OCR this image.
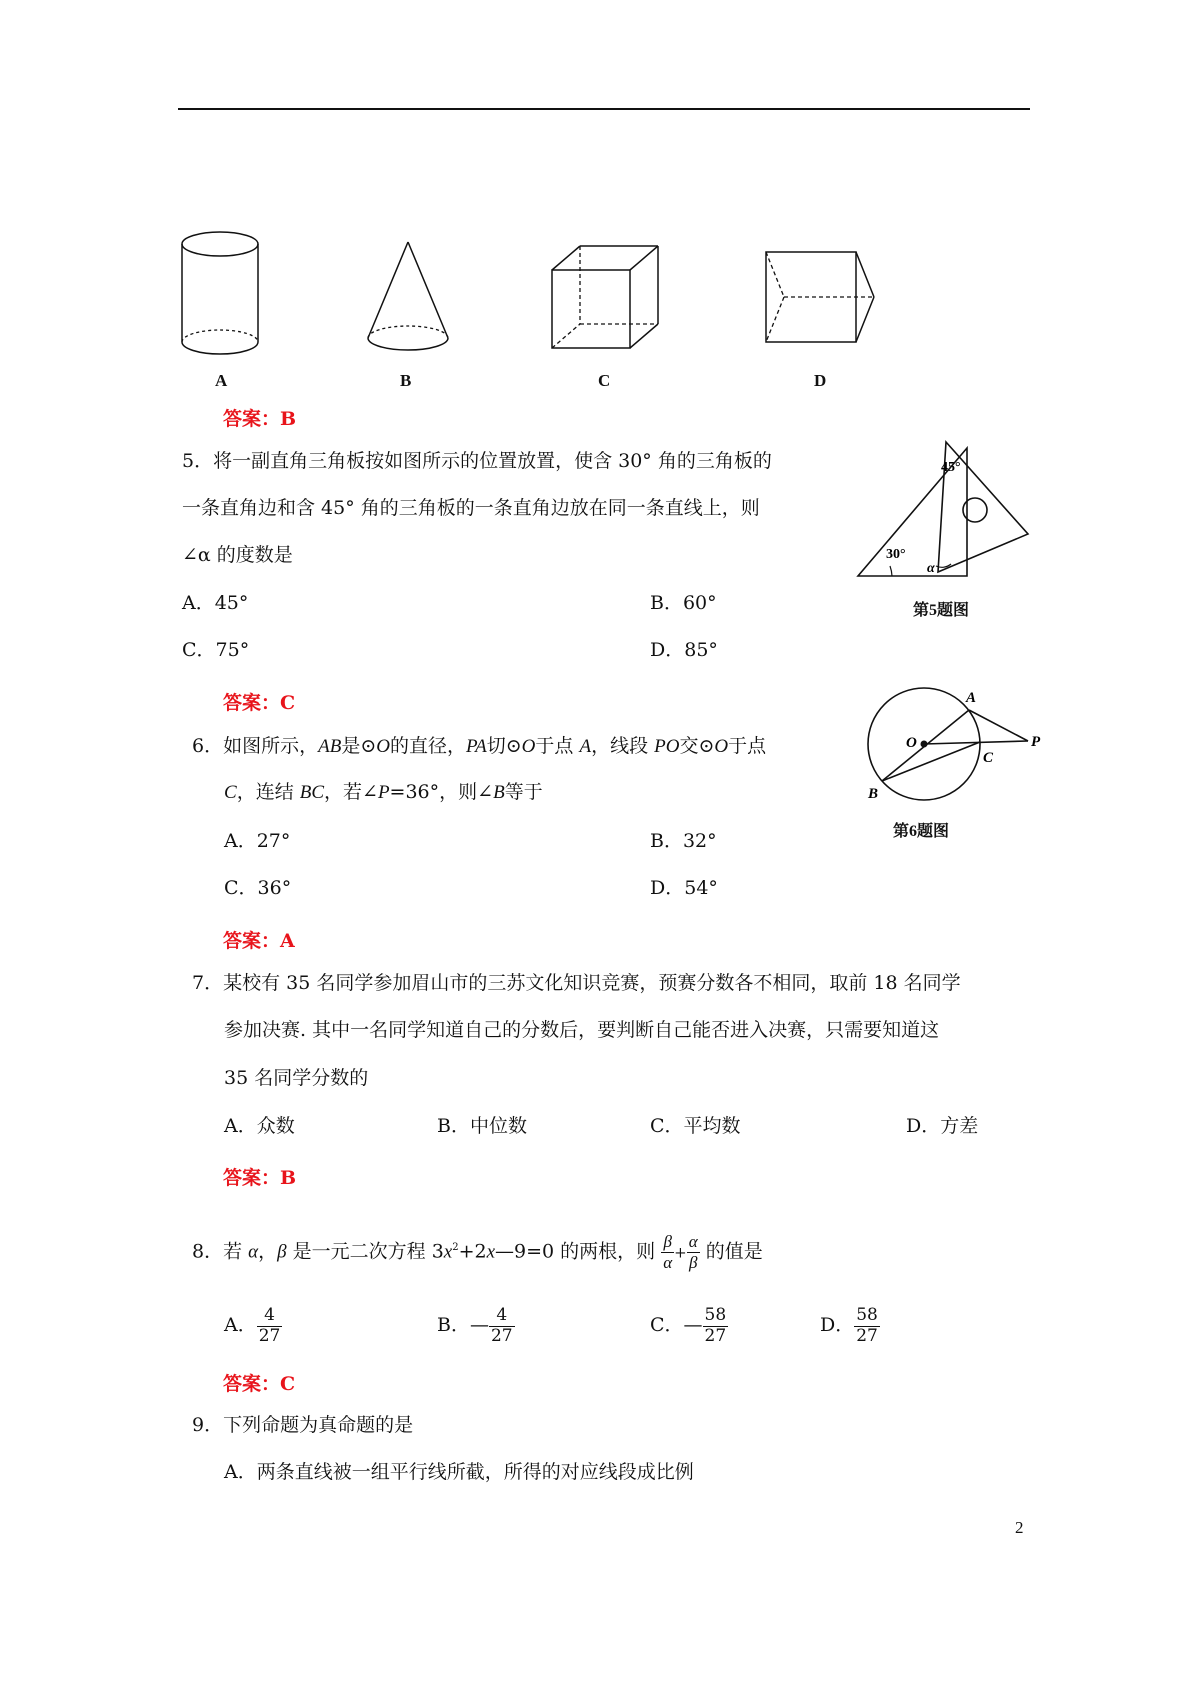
A	B	C	D
答案：B
5．将一副直角三角板按如图所示的位置放置，使含 30° 角的三角板的
一条直角边和含 45° 角的三角板的一条直角边放在同一条直线上，则
∠α 的度数是
A．45°	B．60°
C．75°	D．85°
答案：C
45°
30°
α
第5题图
6．如图所示，AB是⊙O的直径，PA切⊙O于点 A，线段 PO交⊙O于点
C，连结 BC，若∠P=36°，则∠B等于
A．27°	B．32°
C．36°	D．54°
答案：A
A
O
C
P
B
第6题图
7．某校有 35 名同学参加眉山市的三苏文化知识竞赛，预赛分数各不相同，取前 18 名同学
参加决赛. 其中一名同学知道自己的分数后，要判断自己能否进入决赛，只需要知道这
35 名同学分数的
A．众数	B．中位数	C．平均数	D．方差
答案：B
8．若 α，β 是一元二次方程 $3x^2+2x—9=0$ 的两根，则 $\frac{\beta}{\alpha} + \frac{\alpha}{\beta}$ 的值是
A． $\frac{4}{27}$	B．— $\frac{4}{27}$	C．— $\frac{58}{27}$	D． $\frac{58}{27}$
答案：C
9．下列命题为真命题的是
A．两条直线被一组平行线所截，所得的对应线段成比例
2
